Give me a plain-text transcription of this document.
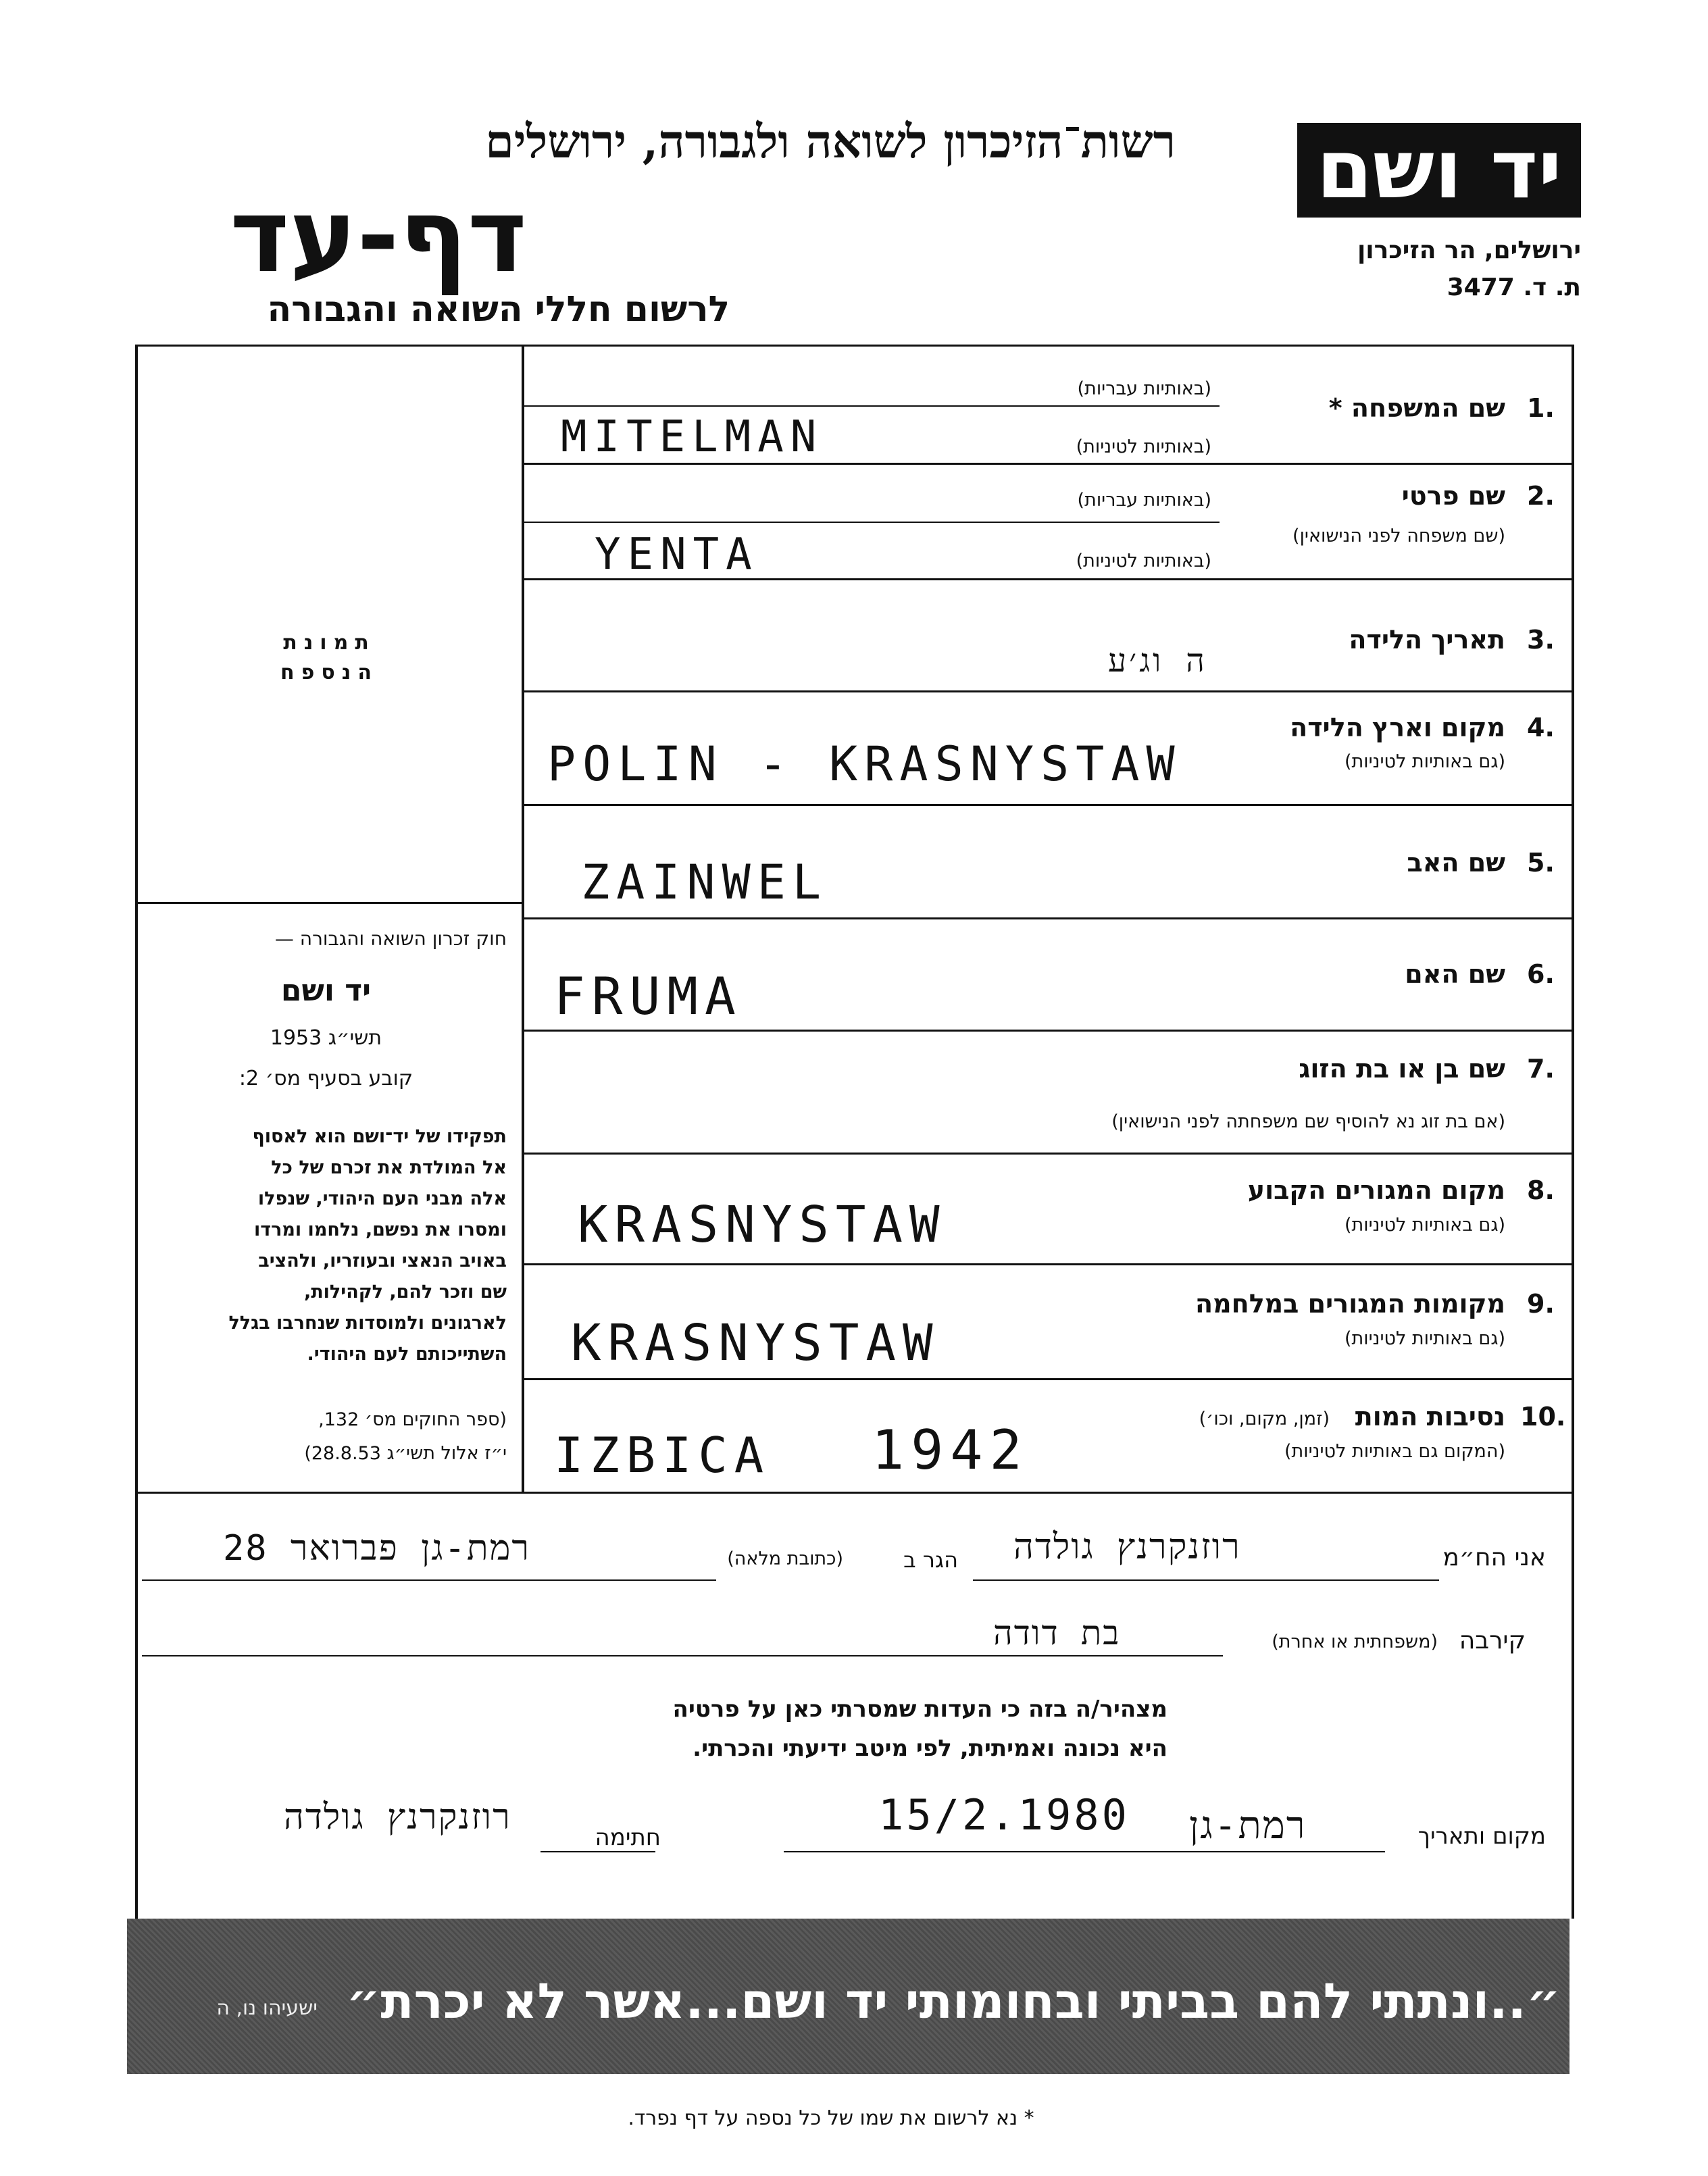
רשות־הזיכרון לשואה ולגבורה, ירושלים
דף-עד
לרשום חללי השואה והגבורה
יד ושם
ירושלים, הר הזיכרון
ת. ד. 3477
תמונת
הנספח
חוק זכרון השואה והגבורה —
יד ושם
תשי״ג 1953
קובע בסעיף מס׳ 2:
תפקידו של יד־ושם הוא לאסוף
אל המולדת את זכרם של כל
אלה מבני העם היהודי, שנפלו
ומסרו את נפשם, נלחמו ומרדו
באויב הנאצי ובעוזריו, ולהציב
שם וזכר להם, לקהילות,
לארגונים ולמוסדות שנחרבו בגלל
השתייכותם לעם היהודי.
(ספר החוקים מס׳ 132,
י״ז אלול תשי״ג 28.8.53)
1.
שם המשפחה *
(באותיות עבריות)
(באותיות לטיניות)
MITELMAN
2.
שם פרטי
(שם משפחה לפני הנישואין)
(באותיות עבריות)
(באותיות לטיניות)
YENTA
3.
תאריך הלידה
ה וג׳ע
4.
מקום וארץ הלידה
(גם באותיות לטיניות)
POLIN - KRASNYSTAW
5.
שם האב
ZAINWEL
6.
שם האם
FRUMA
7.
שם בן או בת הזוג
(אם בת זוג נא להוסיף שם משפחתה לפני הנישואין)
8.
מקום המגורים הקבוע
(גם באותיות לטיניות)
KRASNYSTAW
9.
מקומות המגורים במלחמה
(גם באותיות לטיניות)
KRASNYSTAW
10.
נסיבות המות
(זמן, מקום, וכו׳)
(המקום גם באותיות לטיניות)
IZBICA 1942
אני הח״מ
רוזנקרנץ גולדה
הגר ב
(כתובת מלאה)
רמת-גן פברואר 28
קירבה
(משפחתית או אחרת)
בת דודה
מצהיר/ה בזה כי העדות שמסרתי כאן על פרטיה
היא נכונה ואמיתית, לפי מיטב ידיעתי והכרתי.
מקום ותאריך
רמת-גן
15/2.1980
חתימה
רוזנקרנץ גולדה
״..ונתתי להם בביתי ובחומותי יד ושם...אשר לא יכרת״
ישעיהו נו, ה
* נא לרשום את שמו של כל נספה על דף נפרד.
